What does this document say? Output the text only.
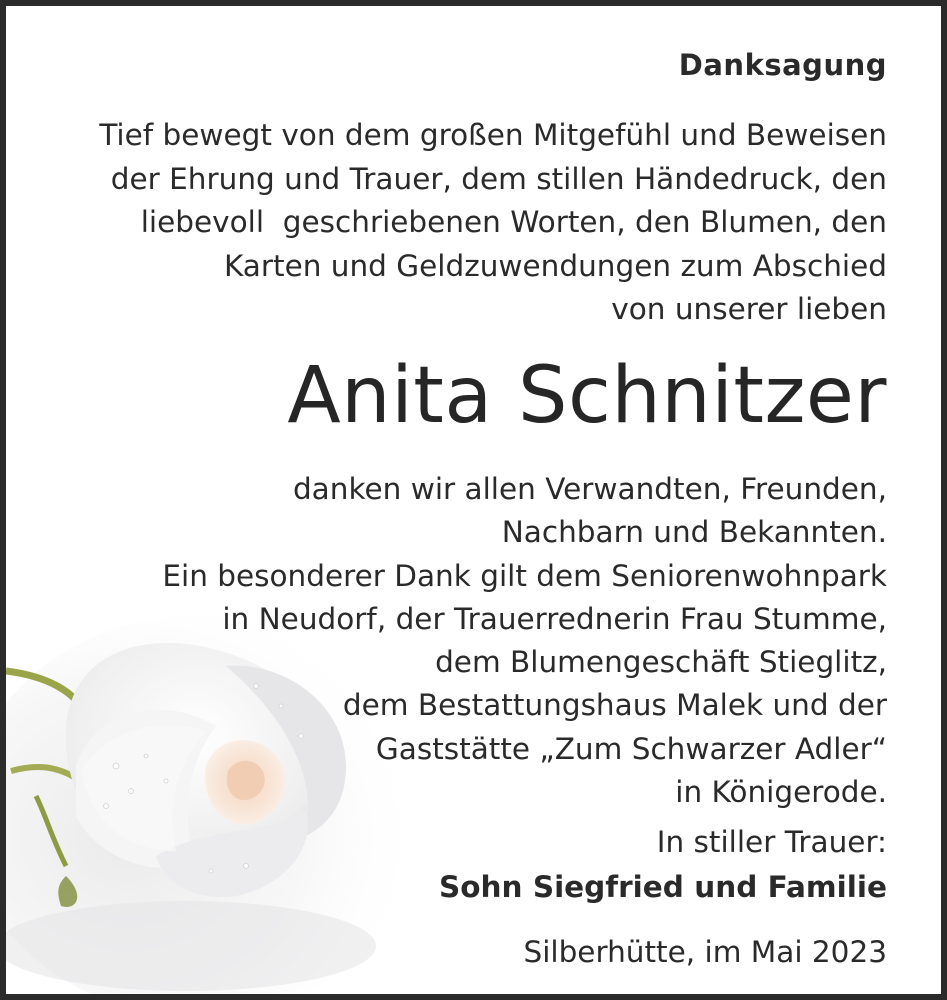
Danksagung
Tief bewegt von dem großen Mitgefühl und Beweisen
der Ehrung und Trauer, dem stillen Händedruck, den
liebevoll  geschriebenen Worten, den Blumen, den
Karten und Geldzuwendungen zum Abschied
von unserer lieben
Anita Schnitzer
danken wir allen Verwandten, Freunden,
Nachbarn und Bekannten.
Ein besonderer Dank gilt dem Seniorenwohnpark
in Neudorf, der Trauerrednerin Frau Stumme,
dem Blumengeschäft Stieglitz,
dem Bestattungshaus Malek und der
Gaststätte „Zum Schwarzer Adler“
in Königerode.
In stiller Trauer:
Sohn Siegfried und Familie
Silberhütte, im Mai 2023
